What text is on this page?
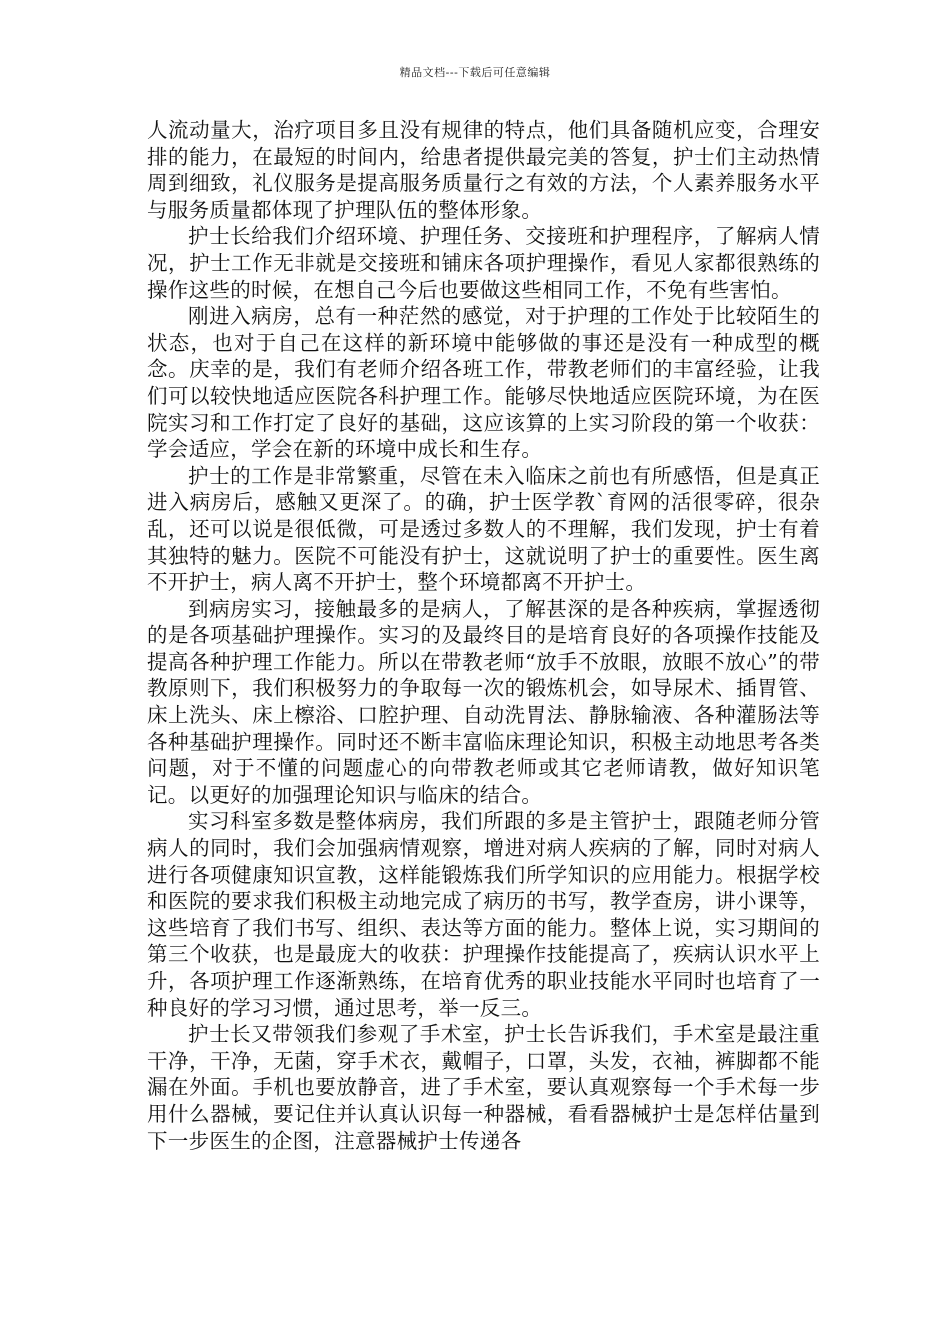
精品文档---下载后可任意编辑

人流动量大，治疗项目多且没有规律的特点，他们具备随机应变，合理安排的能力，在最短的时间内，给患者提供最完美的答复，护士们主动热情周到细致，礼仪服务是提高服务质量行之有效的方法，个人素养服务水平与服务质量都体现了护理队伍的整体形象。

护士长给我们介绍环境、护理任务、交接班和护理程序，了解病人情况，护士工作无非就是交接班和铺床各项护理操作，看见人家都很熟练的操作这些的时候，在想自己今后也要做这些相同工作，不免有些害怕。

刚进入病房，总有一种茫然的感觉，对于护理的工作处于比较陌生的状态，也对于自己在这样的新环境中能够做的事还是没有一种成型的概念。庆幸的是，我们有老师介绍各班工作，带教老师们的丰富经验，让我们可以较快地适应医院各科护理工作。能够尽快地适应医院环境，为在医院实习和工作打定了良好的基础，这应该算的上实习阶段的第一个收获：学会适应，学会在新的环境中成长和生存。

护士的工作是非常繁重，尽管在未入临床之前也有所感悟，但是真正进入病房后，感触又更深了。的确，护士医学教`育网的活很零碎，很杂乱，还可以说是很低微，可是透过多数人的不理解，我们发现，护士有着其独特的魅力。医院不可能没有护士，这就说明了护士的重要性。医生离不开护士，病人离不开护士，整个环境都离不开护士。

到病房实习，接触最多的是病人，了解甚深的是各种疾病，掌握透彻的是各项基础护理操作。实习的及最终目的是培育良好的各项操作技能及提高各种护理工作能力。所以在带教老师“放手不放眼，放眼不放心”的带教原则下，我们积极努力的争取每一次的锻炼机会，如导尿术、插胃管、床上洗头、床上檫浴、口腔护理、自动洗胃法、静脉输液、各种灌肠法等各种基础护理操作。同时还不断丰富临床理论知识，积极主动地思考各类问题，对于不懂的问题虚心的向带教老师或其它老师请教，做好知识笔记。以更好的加强理论知识与临床的结合。

实习科室多数是整体病房，我们所跟的多是主管护士，跟随老师分管病人的同时，我们会加强病情观察，增进对病人疾病的了解，同时对病人进行各项健康知识宣教，这样能锻炼我们所学知识的应用能力。根据学校和医院的要求我们积极主动地完成了病历的书写，教学查房，讲小课等，这些培育了我们书写、组织、表达等方面的能力。整体上说，实习期间的第三个收获，也是最庞大的收获：护理操作技能提高了，疾病认识水平上升，各项护理工作逐渐熟练，在培育优秀的职业技能水平同时也培育了一种良好的学习习惯，通过思考，举一反三。

护士长又带领我们参观了手术室，护士长告诉我们，手术室是最注重干净，干净，无菌，穿手术衣，戴帽子，口罩，头发，衣袖，裤脚都不能漏在外面。手机也要放静音，进了手术室，要认真观察每一个手术每一步用什么器械，要记住并认真认识每一种器械，看看器械护士是怎样估量到下一步医生的企图，注意器械护士传递各
